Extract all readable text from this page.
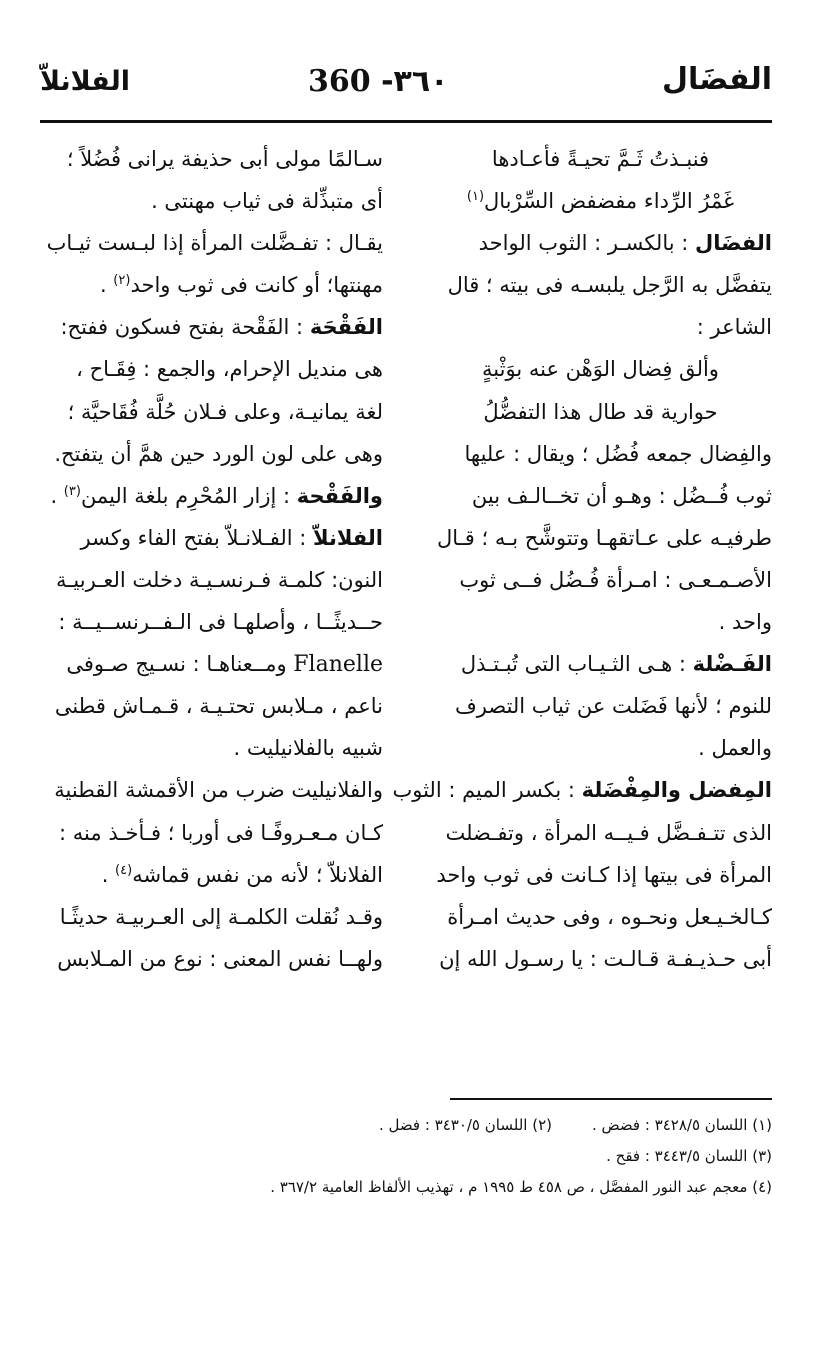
الفضَال
360 -٣٦٠
الفلانلاّ
فنبـذتُ ثَـمَّ تحيـةً فأعـادها
غَمْرُ الرِّداء مفضفض السِّرْبال$^{(١)}$
الفضَال : بالكسـر : الثوب الواحد
يتفضَّل به الرَّجل يلبسـه فى بيته ؛ قال
الشاعر :
وألق فِضال الوَهْن عنه بوَثْبةٍ
حوارية قد طال هذا التفضُّلُ
والفِضال جمعه فُضُل ؛ ويقال : عليها
ثوب فُــضُل : وهـو أن تخــالـف بين
طرفيـه على عـاتقهـا وتتوشَّح بـه ؛ قـال
الأصـمـعـى : امـرأة فُـضُل فــى ثوب
واحد .
الفَـضْلة : هـى الثـيـاب التى تُبـتـذل
للنوم ؛ لأنها فَضَلت عن ثياب التصرف
والعمل .
المِفضل والمِفْضَلة : بكسر الميم : الثوب
الذى تتـفـضَّل فـيــه المرأة ، وتفـضلت
المرأة فى بيتها إذا كـانت فى ثوب واحد
كـالخـيـعل ونحـوه ، وفى حديث امـرأة
أبى حـذيـفـة قـالـت : يا رسـول الله إن
سـالمًا مولى أبى حذيفة يرانى فُضُلاً ؛
أى متبذِّلة فى ثياب مهنتى .
يقـال : تفـضَّلت المرأة إذا لبـست ثيـاب
مهنتها؛ أو كانت فى ثوب واحد$^{(٢)}$ .
الفَقْحَة : الفَقْحة بفتح فسكون ففتح:
هى منديل الإحرام، والجمع : فِقَـاح ،
لغة يمانيـة، وعلى فـلان حُلَّة فُقَاحيَّة ؛
وهى على لون الورد حين همَّ أن يتفتح.
والفَقْحة : إزار المُحْرِم بلغة اليمن$^{(٣)}$ .
الفلانلاّ : الفـلانـلاّ بفتح الفاء وكسر
النون: كلمـة فـرنسـيـة دخلت العـربيـة
حــديثًــا ، وأصلهـا فى الـفــرنســيــة :
Flanelle ومــعناهـا : نسـيج صـوفى
ناعم ، مـلابس تحتـيـة ، قـمـاش قطنى
شبيه بالفلانيليت .
والفلانيليت ضرب من الأقمشة القطنية
كـان مـعـروفًـا فى أوربا ؛ فـأخـذ منه :
الفلانلاّ ؛ لأنه من نفس قماشه$^{(٤)}$ .
وقـد نُقلت الكلمـة إلى العـربيـة حديثًـا
ولهــا نفس المعنى : نوع من المـلابس
(١) اللسان ٣٤٢٨/٥ : فضض .(٢) اللسان ٣٤٣٠/٥ : فضل .
(٣) اللسان ٣٤٤٣/٥ : فقح .
(٤) معجم عبد النور المفصَّل ، ص ٤٥٨ ط ١٩٩٥ م ، تهذيب الألفاظ العامية ٣٦٧/٢ .
